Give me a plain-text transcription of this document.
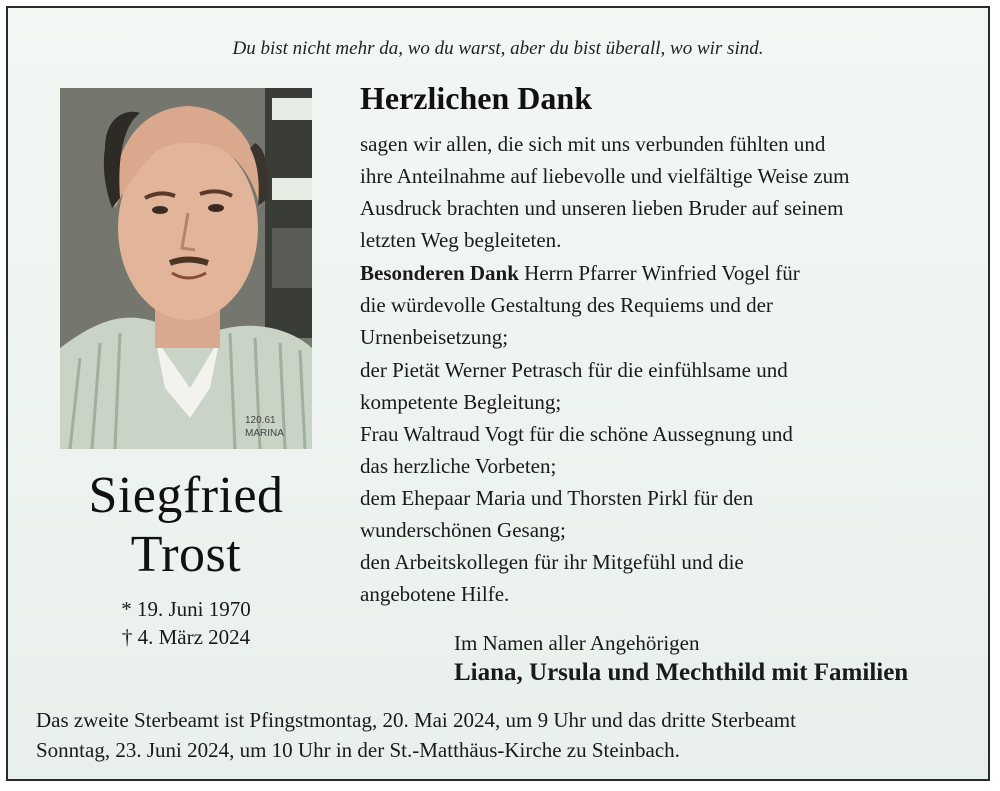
Du bist nicht mehr da, wo du warst, aber du bist überall, wo wir sind.
120.61
MARINA
Siegfried
Trost
* 19. Juni 1970
† 4. März 2024
Herzlichen Dank
sagen wir allen, die sich mit uns verbunden fühlten und
ihre Anteilnahme auf liebevolle und vielfältige Weise zum
Ausdruck brachten und unseren lieben Bruder auf seinem
letzten Weg begleiteten.
Besonderen Dank Herrn Pfarrer Winfried Vogel für
die würdevolle Gestaltung des Requiems und der
Urnenbeisetzung;
der Pietät Werner Petrasch für die einfühlsame und
kompetente Begleitung;
Frau Waltraud Vogt für die schöne Aussegnung und
das herzliche Vorbeten;
dem Ehepaar Maria und Thorsten Pirkl für den
wunderschönen Gesang;
den Arbeitskollegen für ihr Mitgefühl und die
angebotene Hilfe.
Im Namen aller Angehörigen
Liana, Ursula und Mechthild mit Familien
Das zweite Sterbeamt ist Pfingstmontag, 20. Mai 2024, um 9 Uhr und das dritte Sterbeamt
Sonntag, 23. Juni 2024, um 10 Uhr in der St.-Matthäus-Kirche zu Steinbach.
